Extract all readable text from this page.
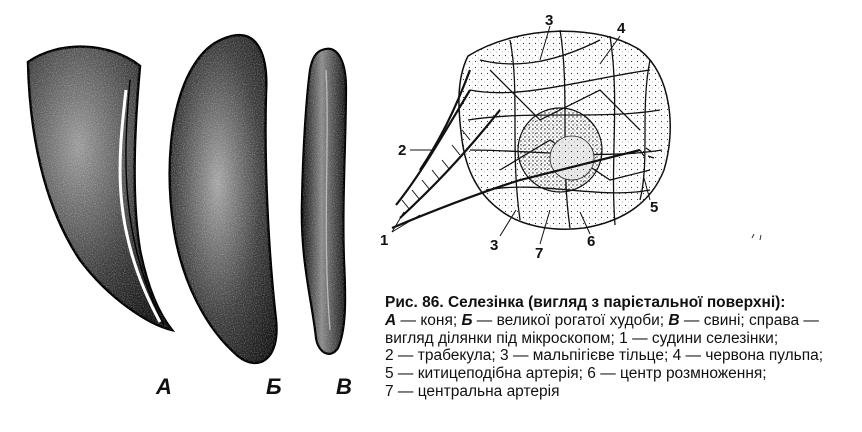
3	4
2
1	3 7
6
5
А	Б В
Рис. 86. Селезінка (вигляд з парієтальної поверхні):
А — коня; Б — великої рогатої худоби; В — свині; справа —
вигляд ділянки під мікроскопом; 1 — судини селезінки;
2 — трабекула; 3 — мальпігієве тільце; 4 — червона пульпа;
5 — китицеподібна артерія; 6 — центр розмноження;
7 — центральна артерія
